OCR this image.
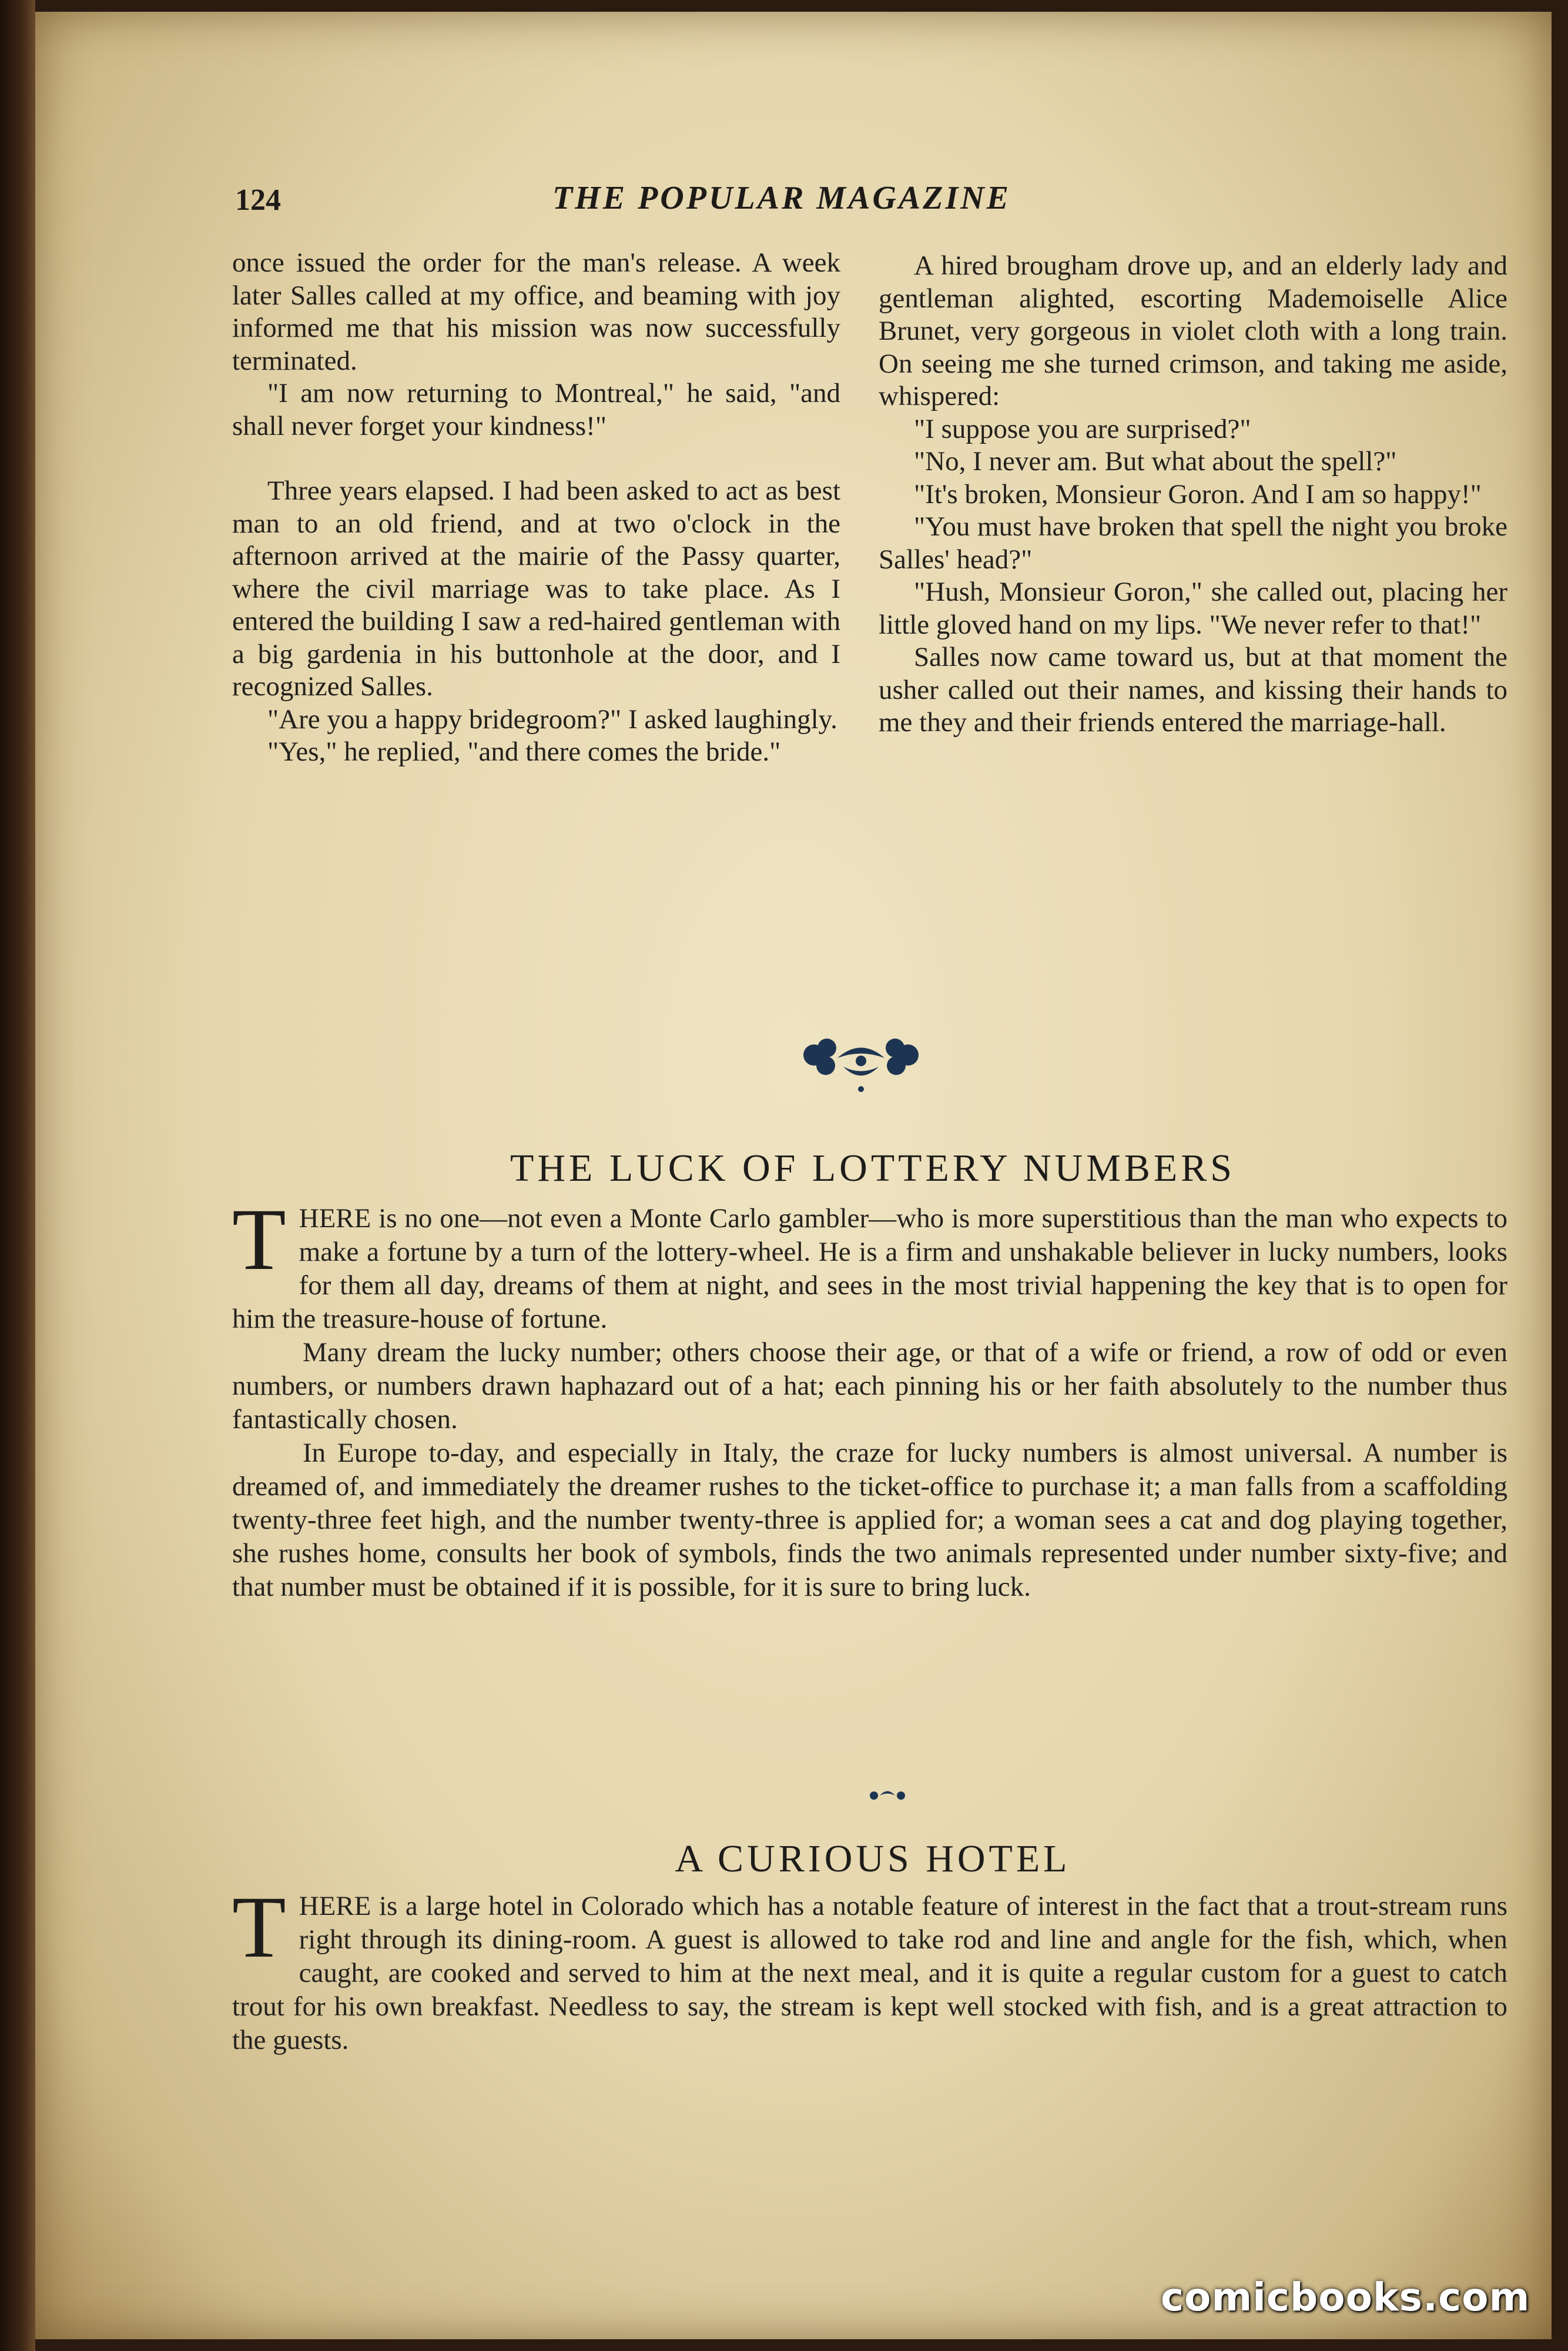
124	THE POPULAR MAGAZINE

once issued the order for the man's release. A week later Salles called at my office, and beaming with joy informed me that his mission was now successfully terminated.

"I am now returning to Montreal," he said, "and shall never forget your kindness!"

Three years elapsed. I had been asked to act as best man to an old friend, and at two o'clock in the afternoon arrived at the mairie of the Passy quarter, where the civil marriage was to take place. As I entered the building I saw a red-haired gentleman with a big gardenia in his buttonhole at the door, and I recognized Salles.

"Are you a happy bridegroom?" I asked laughingly.

"Yes," he replied, "and there comes the bride."

A hired brougham drove up, and an elderly lady and gentleman alighted, escorting Mademoiselle Alice Brunet, very gorgeous in violet cloth with a long train. On seeing me she turned crimson, and taking me aside, whispered:

"I suppose you are surprised?"

"No, I never am. But what about the spell?"

"It's broken, Monsieur Goron. And I am so happy!"

"You must have broken that spell the night you broke Salles' head?"

"Hush, Monsieur Goron," she called out, placing her little gloved hand on my lips. "We never refer to that!"

Salles now came toward us, but at that moment the usher called out their names, and kissing their hands to me they and their friends entered the marriage-hall.

THE LUCK OF LOTTERY NUMBERS

THERE is no one—not even a Monte Carlo gambler—who is more superstitious than the man who expects to make a fortune by a turn of the lottery-wheel. He is a firm and unshakable believer in lucky numbers, looks for them all day, dreams of them at night, and sees in the most trivial happening the key that is to open for him the treasure-house of fortune.

Many dream the lucky number; others choose their age, or that of a wife or friend, a row of odd or even numbers, or numbers drawn haphazard out of a hat; each pinning his or her faith absolutely to the number thus fantastically chosen.

In Europe to-day, and especially in Italy, the craze for lucky numbers is almost universal. A number is dreamed of, and immediately the dreamer rushes to the ticket-office to purchase it; a man falls from a scaffolding twenty-three feet high, and the number twenty-three is applied for; a woman sees a cat and dog playing together, she rushes home, consults her book of symbols, finds the two animals represented under number sixty-five; and that number must be obtained if it is possible, for it is sure to bring luck.

A CURIOUS HOTEL

THERE is a large hotel in Colorado which has a notable feature of interest in the fact that a trout-stream runs right through its dining-room. A guest is allowed to take rod and line and angle for the fish, which, when caught, are cooked and served to him at the next meal, and it is quite a regular custom for a guest to catch trout for his own breakfast. Needless to say, the stream is kept well stocked with fish, and is a great attraction to the guests.

comicbooks.com
